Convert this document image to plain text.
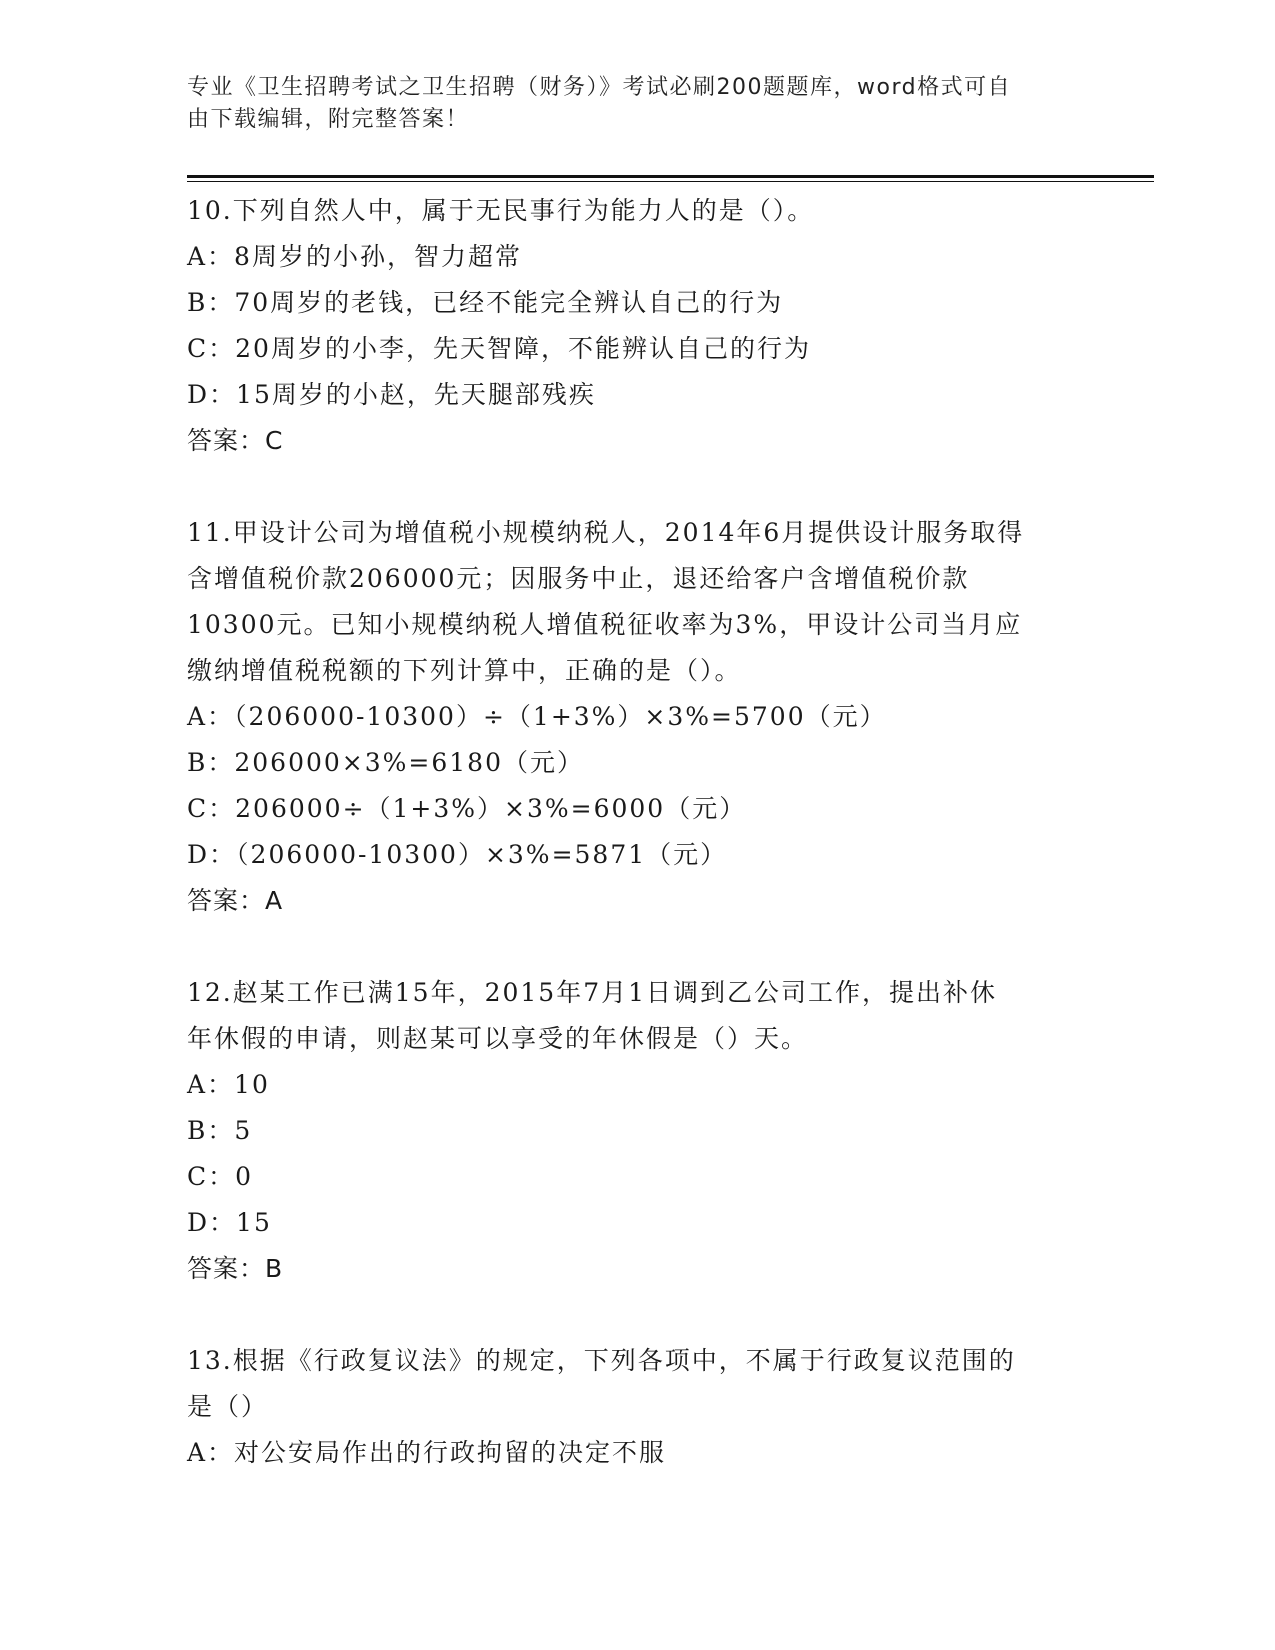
专业《卫生招聘考试之卫生招聘（财务）》考试必刷200题题库，word格式可自
由下载编辑，附完整答案！
10.下列自然人中，属于无民事行为能力人的是（）。
A：8周岁的小孙，智力超常
B：70周岁的老钱，已经不能完全辨认自己的行为
C：20周岁的小李，先天智障，不能辨认自己的行为
D：15周岁的小赵，先天腿部残疾
答案：C
11.甲设计公司为增值税小规模纳税人，2014年6月提供设计服务取得
含增值税价款206000元；因服务中止，退还给客户含增值税价款
10300元。已知小规模纳税人增值税征收率为3%，甲设计公司当月应
缴纳增值税税额的下列计算中，正确的是（）。
A：（206000-10300）÷（1+3%）×3%=5700（元）
B：206000×3%=6180（元）
C：206000÷（1+3%）×3%=6000（元）
D：（206000-10300）×3%=5871（元）
答案：A
12.赵某工作已满15年，2015年7月1日调到乙公司工作，提出补休
年休假的申请，则赵某可以享受的年休假是（）天。
A：10
B：5
C：0
D：15
答案：B
13.根据《行政复议法》的规定，下列各项中，不属于行政复议范围的
是（）
A：对公安局作出的行政拘留的决定不服
